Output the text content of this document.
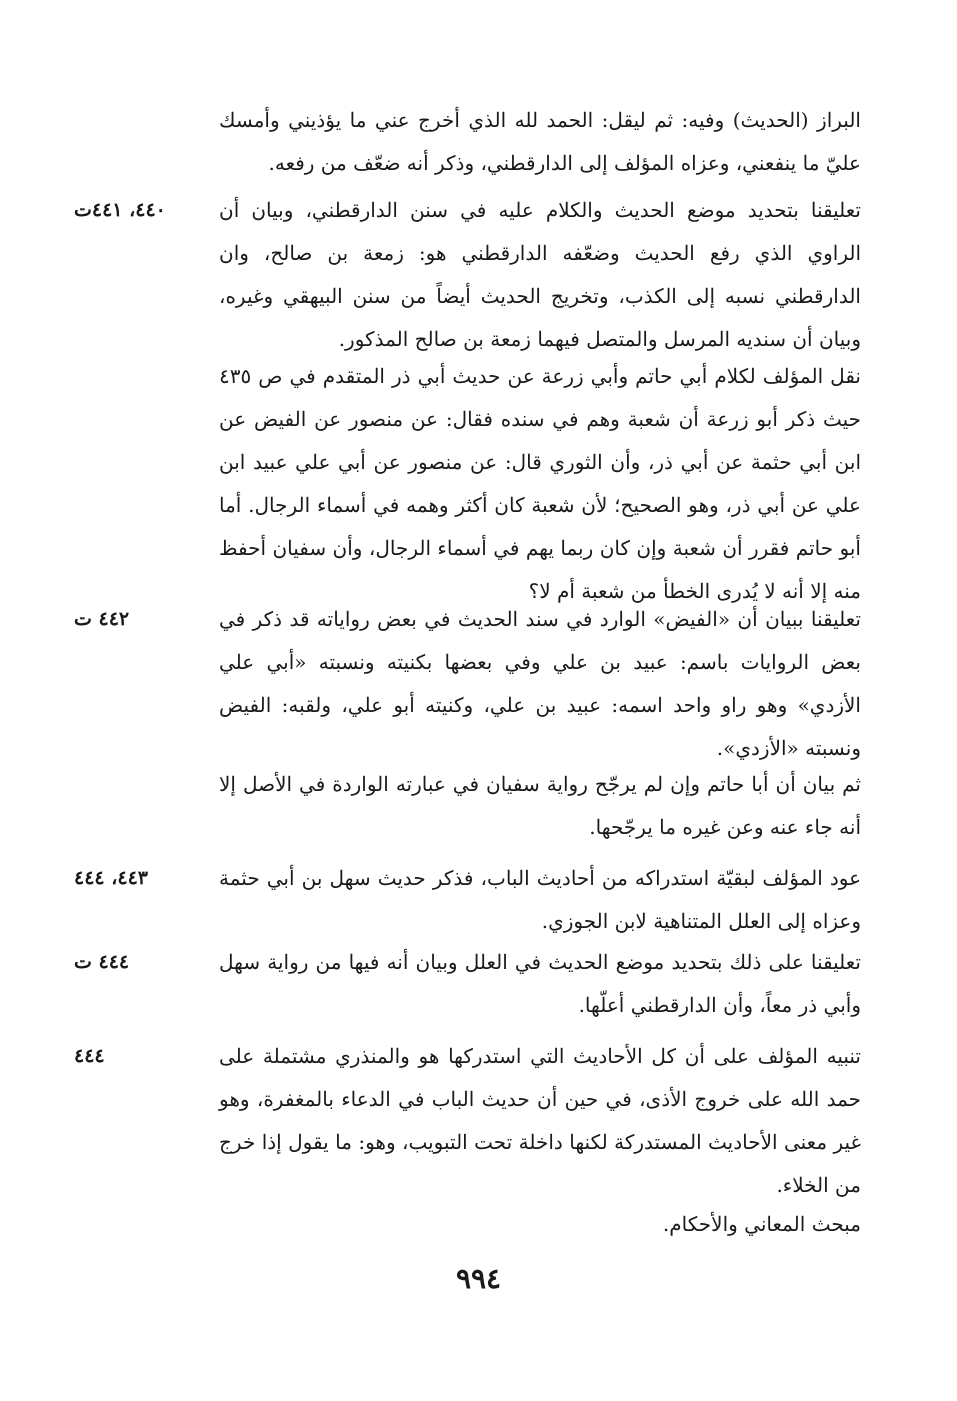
البراز (الحديث) وفيه: ثم ليقل: الحمد لله الذي أخرج عني ما يؤذيني وأمسك عليّ ما ينفعني، وعزاه المؤلف إلى الدارقطني، وذكر أنه ضعّف من رفعه.

تعليقنا بتحديد موضع الحديث والكلام عليه في سنن الدارقطني، وبيان أن الراوي الذي رفع الحديث وضعّفه الدارقطني هو: زمعة بن صالح، وان الدارقطني نسبه إلى الكذب، وتخريج الحديث أيضاً من سنن البيهقي وغيره، وبيان أن سنديه المرسل والمتصل فيهما زمعة بن صالح المذكور.

٤٤٠، ٤٤١ت

نقل المؤلف لكلام أبي حاتم وأبي زرعة عن حديث أبي ذر المتقدم في ص ٤٣٥ حيث ذكر أبو زرعة أن شعبة وهم في سنده فقال: عن منصور عن الفيض عن ابن أبي حثمة عن أبي ذر، وأن الثوري قال: عن منصور عن أبي علي عبيد ابن علي عن أبي ذر، وهو الصحيح؛ لأن شعبة كان أكثر وهمه في أسماء الرجال. أما أبو حاتم فقرر أن شعبة وإن كان ربما يهم في أسماء الرجال، وأن سفيان أحفظ منه إلا أنه لا يُدرى الخطأ من شعبة أم لا؟

تعليقنا ببيان أن «الفيض» الوارد في سند الحديث في بعض رواياته قد ذكر في بعض الروايات باسم: عبيد بن علي وفي بعضها بكنيته ونسبته «أبي علي الأزدي» وهو راو واحد اسمه: عبيد بن علي، وكنيته أبو علي، ولقبه: الفيض ونسبته «الأزدي».

٤٤٢ ت

ثم بيان أن أبا حاتم وإن لم يرجّح رواية سفيان في عبارته الواردة في الأصل إلا أنه جاء عنه وعن غيره ما يرجّحها.

عود المؤلف لبقيّة استدراكه من أحاديث الباب، فذكر حديث سهل بن أبي حثمة وعزاه إلى العلل المتناهية لابن الجوزي.

٤٤٣، ٤٤٤

تعليقنا على ذلك بتحديد موضع الحديث في العلل وبيان أنه فيها من رواية سهل وأبي ذر معاً، وأن الدارقطني أعلّها.

٤٤٤ ت

تنبيه المؤلف على أن كل الأحاديث التي استدركها هو والمنذري مشتملة على حمد الله على خروج الأذى، في حين أن حديث الباب في الدعاء بالمغفرة، وهو غير معنى الأحاديث المستدركة لكنها داخلة تحت التبويب، وهو: ما يقول إذا خرج من الخلاء.

٤٤٤

مبحث المعاني والأحكام.

٩٩٤
